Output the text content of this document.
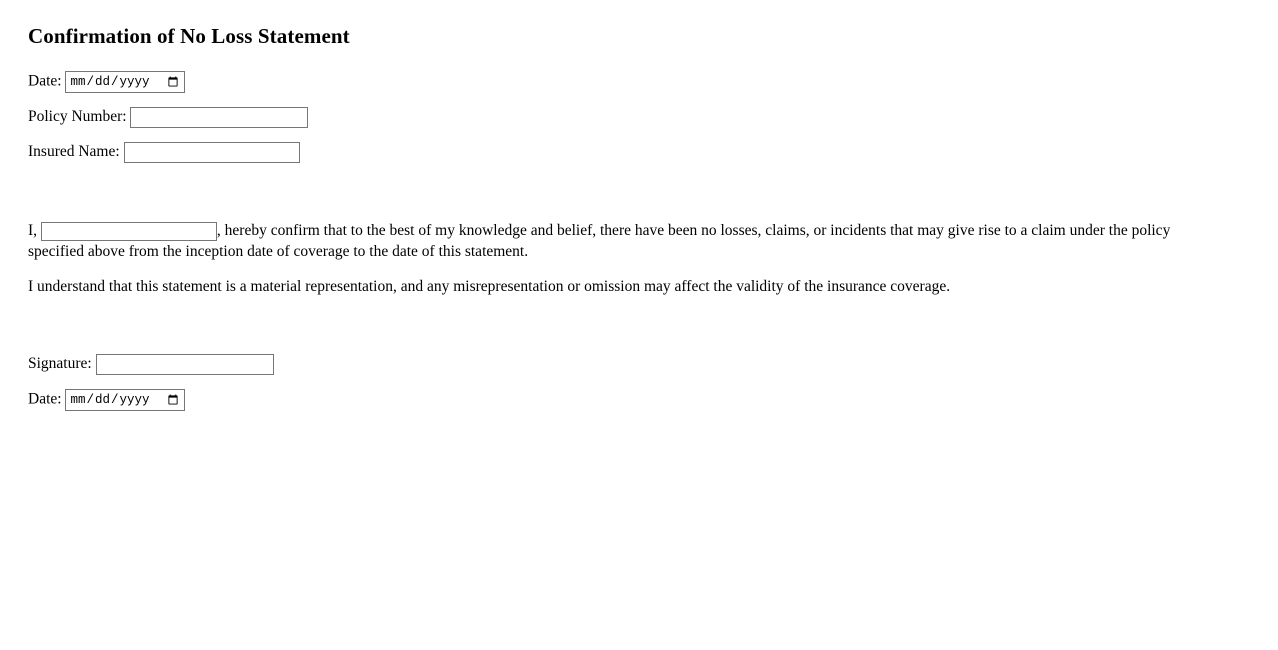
Confirmation of No Loss Statement
Date:
Policy Number:
Insured Name:

I,	, hereby confirm that to the best of my knowledge and belief, there have been no losses, claims, or incidents that may give rise to a claim under the policy specified above from the inception date of coverage to the date of this statement.

I understand that this statement is a material representation, and any misrepresentation or omission may affect the validity of the insurance coverage.

Signature:
Date:
